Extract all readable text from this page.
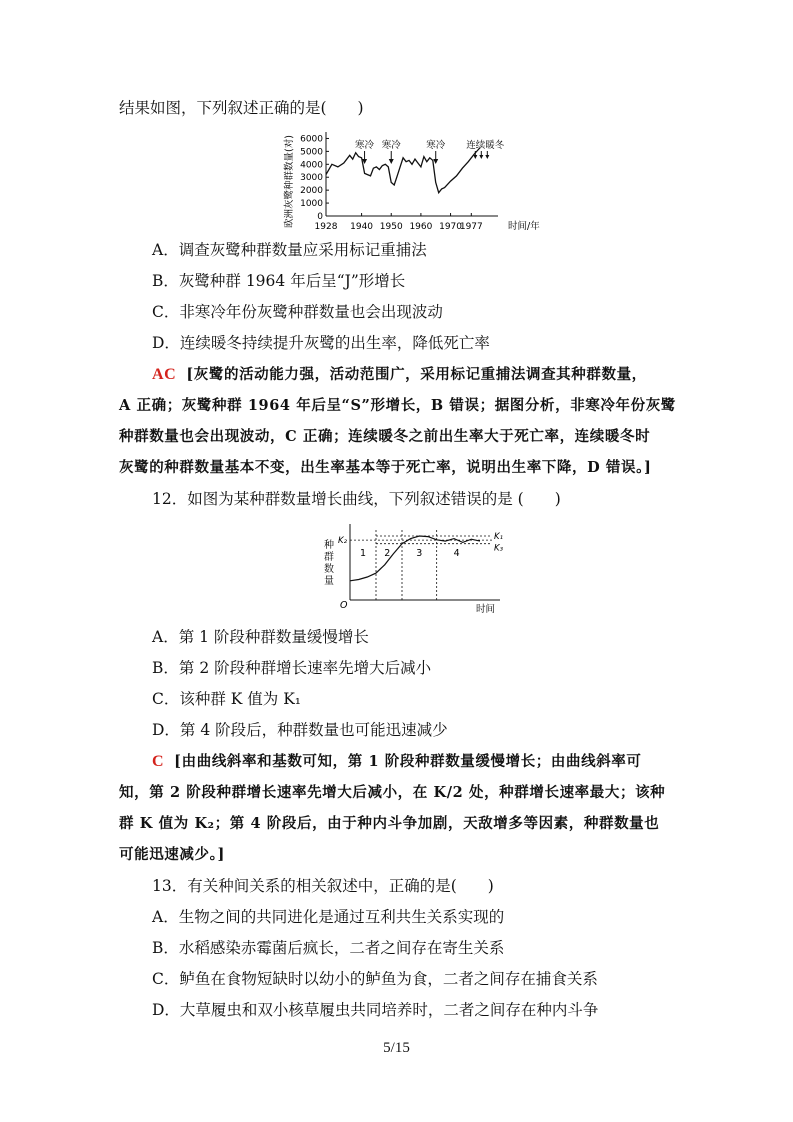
结果如图，下列叙述正确的是(　　)
欧洲灰鹭种群数量(对) 0
1000
2000
3000
4000
5000
6000
1928 1940 1950 1960 1970
1977	时间/年
寒冷 寒冷	寒冷 连续暖冬
A．调查灰鹭种群数量应采用标记重捕法
B．灰鹭种群 1964 年后呈“J”形增长
C．非寒冷年份灰鹭种群数量也会出现波动
D．连续暖冬持续提升灰鹭的出生率，降低死亡率
AC [灰鹭的活动能力强，活动范围广，采用标记重捕法调查其种群数量，
A 正确；灰鹭种群 1964 年后呈“S”形增长，B 错误；据图分析，非寒冷年份灰鹭
种群数量也会出现波动，C 正确；连续暖冬之前出生率大于死亡率，连续暖冬时
灰鹭的种群数量基本不变，出生率基本等于死亡率，说明出生率下降，D 错误。]
12．如图为某种群数量增长曲线，下列叙述错误的是 (　　)
种
群
数
量
O	时间
K₁
K₂
K₃
1 2	3	4
A．第 1 阶段种群数量缓慢增长
B．第 2 阶段种群增长速率先增大后减小
C．该种群 K 值为 K₁
D．第 4 阶段后，种群数量也可能迅速减少
C [由曲线斜率和基数可知，第 1 阶段种群数量缓慢增长；由曲线斜率可
知，第 2 阶段种群增长速率先增大后减小，在 K/2 处，种群增长速率最大；该种
群 K 值为 K₂；第 4 阶段后，由于种内斗争加剧，天敌增多等因素，种群数量也
可能迅速减少。]
13．有关种间关系的相关叙述中，正确的是(　　)
A．生物之间的共同进化是通过互利共生关系实现的
B．水稻感染赤霉菌后疯长，二者之间存在寄生关系
C．鲈鱼在食物短缺时以幼小的鲈鱼为食，二者之间存在捕食关系
D．大草履虫和双小核草履虫共同培养时，二者之间存在种内斗争
5/15
